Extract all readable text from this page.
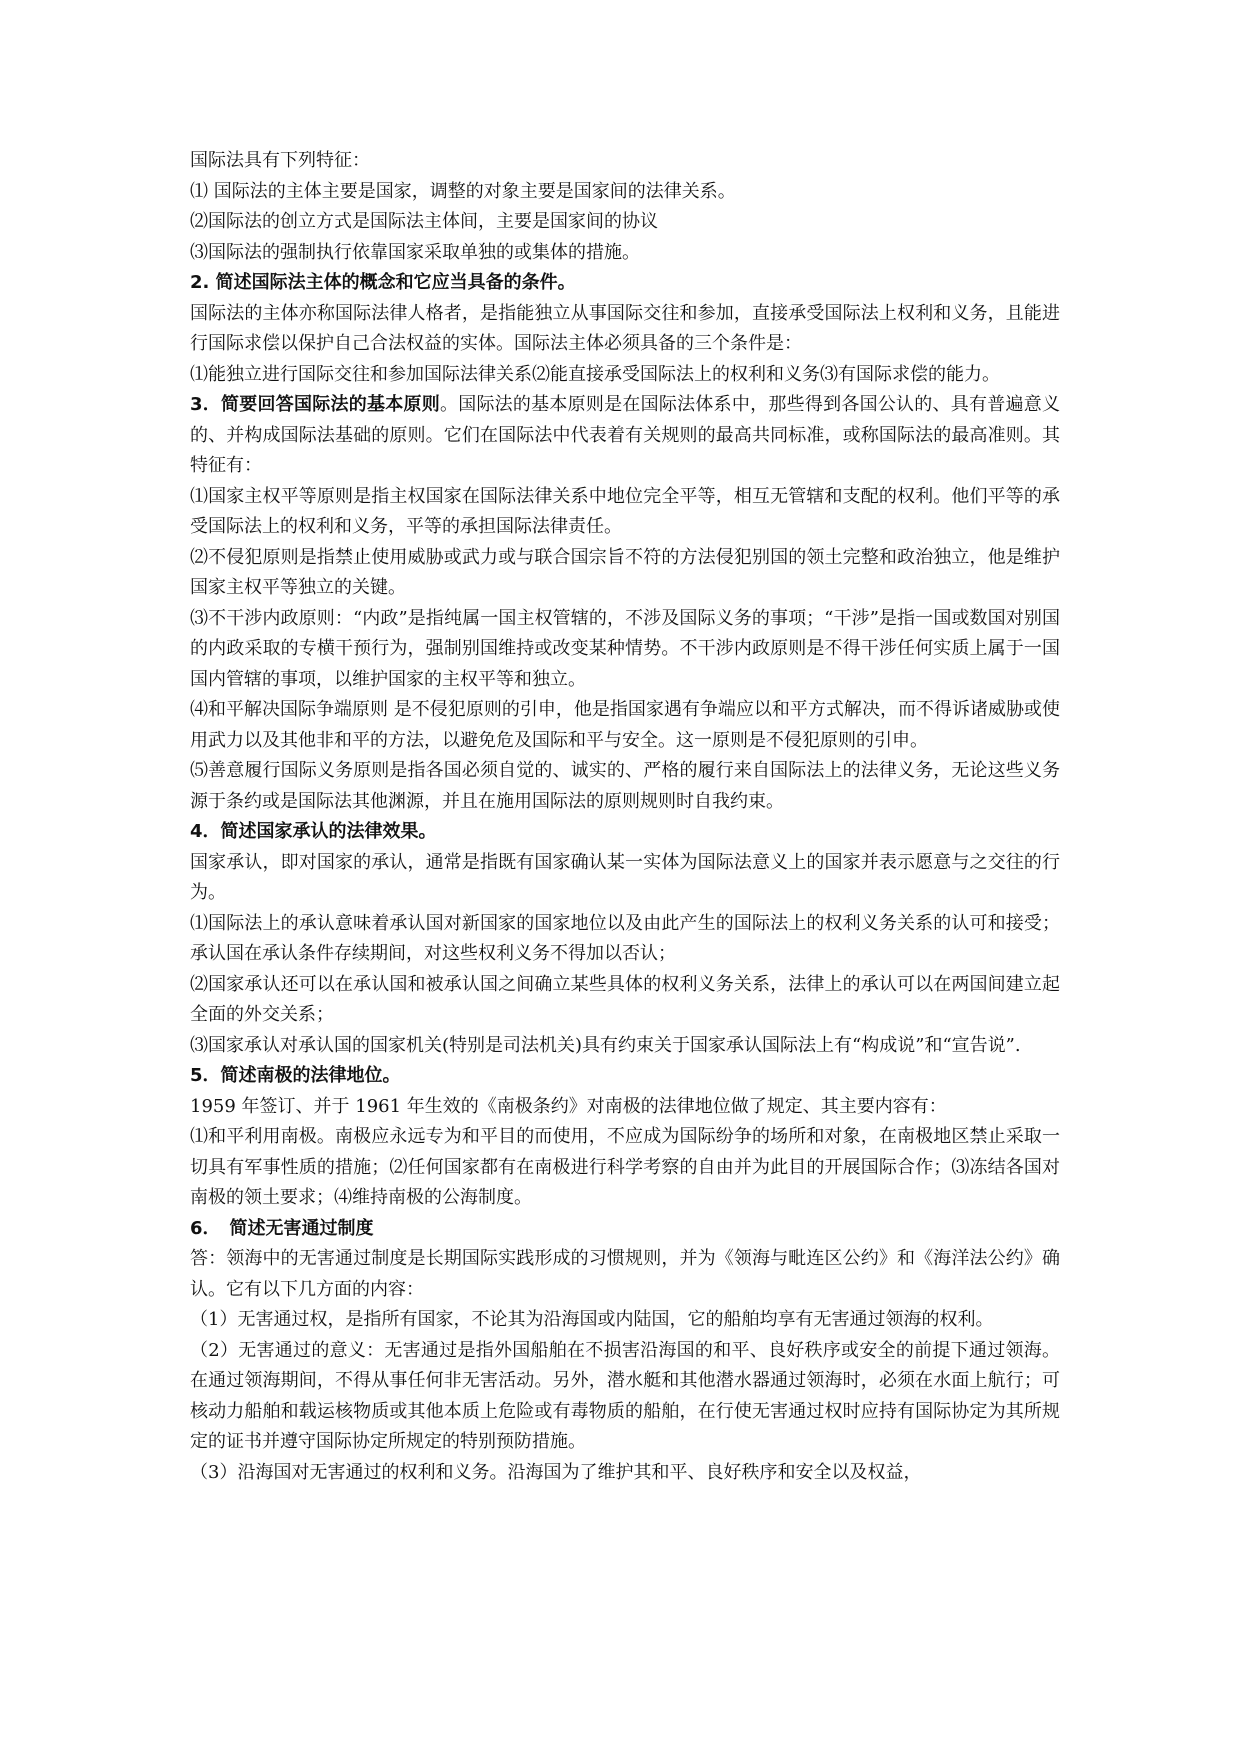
国际法具有下列特征：

⑴ 国际法的主体主要是国家，调整的对象主要是国家间的法律关系。

⑵国际法的创立方式是国际法主体间，主要是国家间的协议

⑶国际法的强制执行依靠国家采取单独的或集体的措施。

2. 简述国际法主体的概念和它应当具备的条件。

国际法的主体亦称国际法律人格者，是指能独立从事国际交往和参加，直接承受国际法上权利和义务，且能进行国际求偿以保护自己合法权益的实体。国际法主体必须具备的三个条件是：

⑴能独立进行国际交往和参加国际法律关系⑵能直接承受国际法上的权利和义务⑶有国际求偿的能力。

3．简要回答国际法的基本原则。国际法的基本原则是在国际法体系中，那些得到各国公认的、具有普遍意义的、并构成国际法基础的原则。它们在国际法中代表着有关规则的最高共同标准，或称国际法的最高准则。其特征有：

⑴国家主权平等原则是指主权国家在国际法律关系中地位完全平等，相互无管辖和支配的权利。他们平等的承受国际法上的权利和义务，平等的承担国际法律责任。

⑵不侵犯原则是指禁止使用威胁或武力或与联合国宗旨不符的方法侵犯别国的领土完整和政治独立，他是维护国家主权平等独立的关键。

⑶不干涉内政原则：“内政”是指纯属一国主权管辖的，不涉及国际义务的事项；“干涉”是指一国或数国对别国的内政采取的专横干预行为，强制别国维持或改变某种情势。不干涉内政原则是不得干涉任何实质上属于一国国内管辖的事项，以维护国家的主权平等和独立。

⑷和平解决国际争端原则 是不侵犯原则的引申，他是指国家遇有争端应以和平方式解决，而不得诉诸威胁或使用武力以及其他非和平的方法，以避免危及国际和平与安全。这一原则是不侵犯原则的引申。

⑸善意履行国际义务原则是指各国必须自觉的、诚实的、严格的履行来自国际法上的法律义务，无论这些义务源于条约或是国际法其他渊源，并且在施用国际法的原则规则时自我约束。

4．简述国家承认的法律效果。

国家承认，即对国家的承认，通常是指既有国家确认某一实体为国际法意义上的国家并表示愿意与之交往的行为。

⑴国际法上的承认意味着承认国对新国家的国家地位以及由此产生的国际法上的权利义务关系的认可和接受；承认国在承认条件存续期间，对这些权利义务不得加以否认；

⑵国家承认还可以在承认国和被承认国之间确立某些具体的权利义务关系，法律上的承认可以在两国间建立起全面的外交关系；

⑶国家承认对承认国的国家机关(特别是司法机关)具有约束关于国家承认国际法上有“构成说”和“宣告说”.

5．简述南极的法律地位。

1959 年签订、并于 1961 年生效的《南极条约》对南极的法律地位做了规定、其主要内容有：

⑴和平利用南极。南极应永远专为和平目的而使用，不应成为国际纷争的场所和对象，在南极地区禁止采取一切具有军事性质的措施；⑵任何国家都有在南极进行科学考察的自由并为此目的开展国际合作；⑶冻结各国对南极的领土要求；⑷维持南极的公海制度。

6．　简述无害通过制度

答：领海中的无害通过制度是长期国际实践形成的习惯规则，并为《领海与毗连区公约》和《海洋法公约》确认。它有以下几方面的内容：

（1）无害通过权，是指所有国家，不论其为沿海国或内陆国，它的船舶均享有无害通过领海的权利。

（2）无害通过的意义：无害通过是指外国船舶在不损害沿海国的和平、良好秩序或安全的前提下通过领海。在通过领海期间，不得从事任何非无害活动。另外，潜水艇和其他潜水器通过领海时，必须在水面上航行；可核动力船舶和载运核物质或其他本质上危险或有毒物质的船舶，在行使无害通过权时应持有国际协定为其所规定的证书并遵守国际协定所规定的特别预防措施。

（3）沿海国对无害通过的权利和义务。沿海国为了维护其和平、良好秩序和安全以及权益，
